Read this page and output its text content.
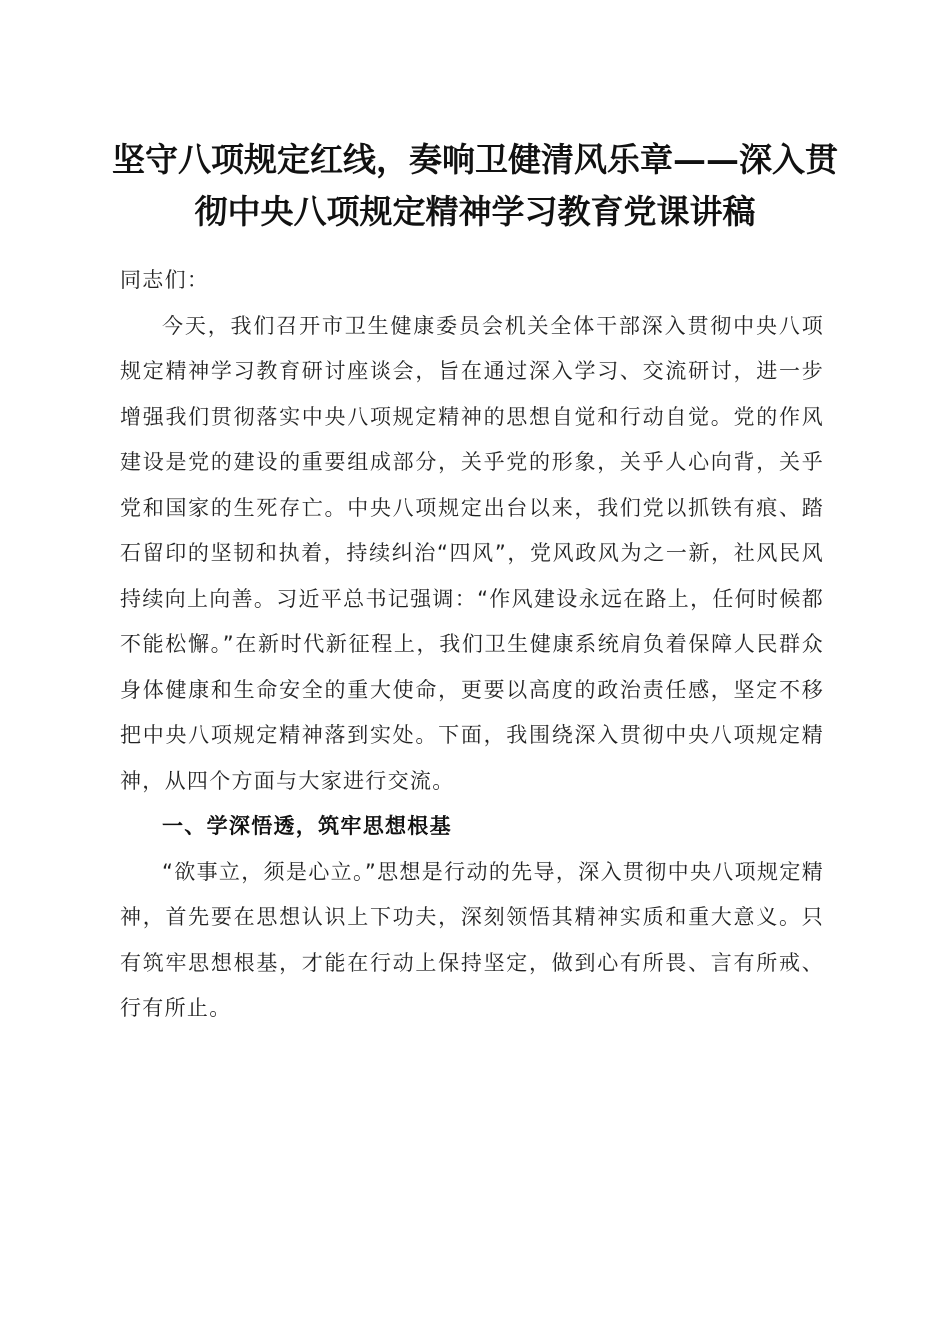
坚守八项规定红线，奏响卫健清风乐章——深入贯彻中央八项规定精神学习教育党课讲稿

同志们：

今天，我们召开市卫生健康委员会机关全体干部深入贯彻中央八项规定精神学习教育研讨座谈会，旨在通过深入学习、交流研讨，进一步增强我们贯彻落实中央八项规定精神的思想自觉和行动自觉。党的作风建设是党的建设的重要组成部分，关乎党的形象，关乎人心向背，关乎党和国家的生死存亡。中央八项规定出台以来，我们党以抓铁有痕、踏石留印的坚韧和执着，持续纠治“四风”，党风政风为之一新，社风民风持续向上向善。习近平总书记强调：“作风建设永远在路上，任何时候都不能松懈。”在新时代新征程上，我们卫生健康系统肩负着保障人民群众身体健康和生命安全的重大使命，更要以高度的政治责任感，坚定不移把中央八项规定精神落到实处。下面，我围绕深入贯彻中央八项规定精神，从四个方面与大家进行交流。

一、学深悟透，筑牢思想根基

“欲事立，须是心立。”思想是行动的先导，深入贯彻中央八项规定精神，首先要在思想认识上下功夫，深刻领悟其精神实质和重大意义。只有筑牢思想根基，才能在行动上保持坚定，做到心有所畏、言有所戒、行有所止。
